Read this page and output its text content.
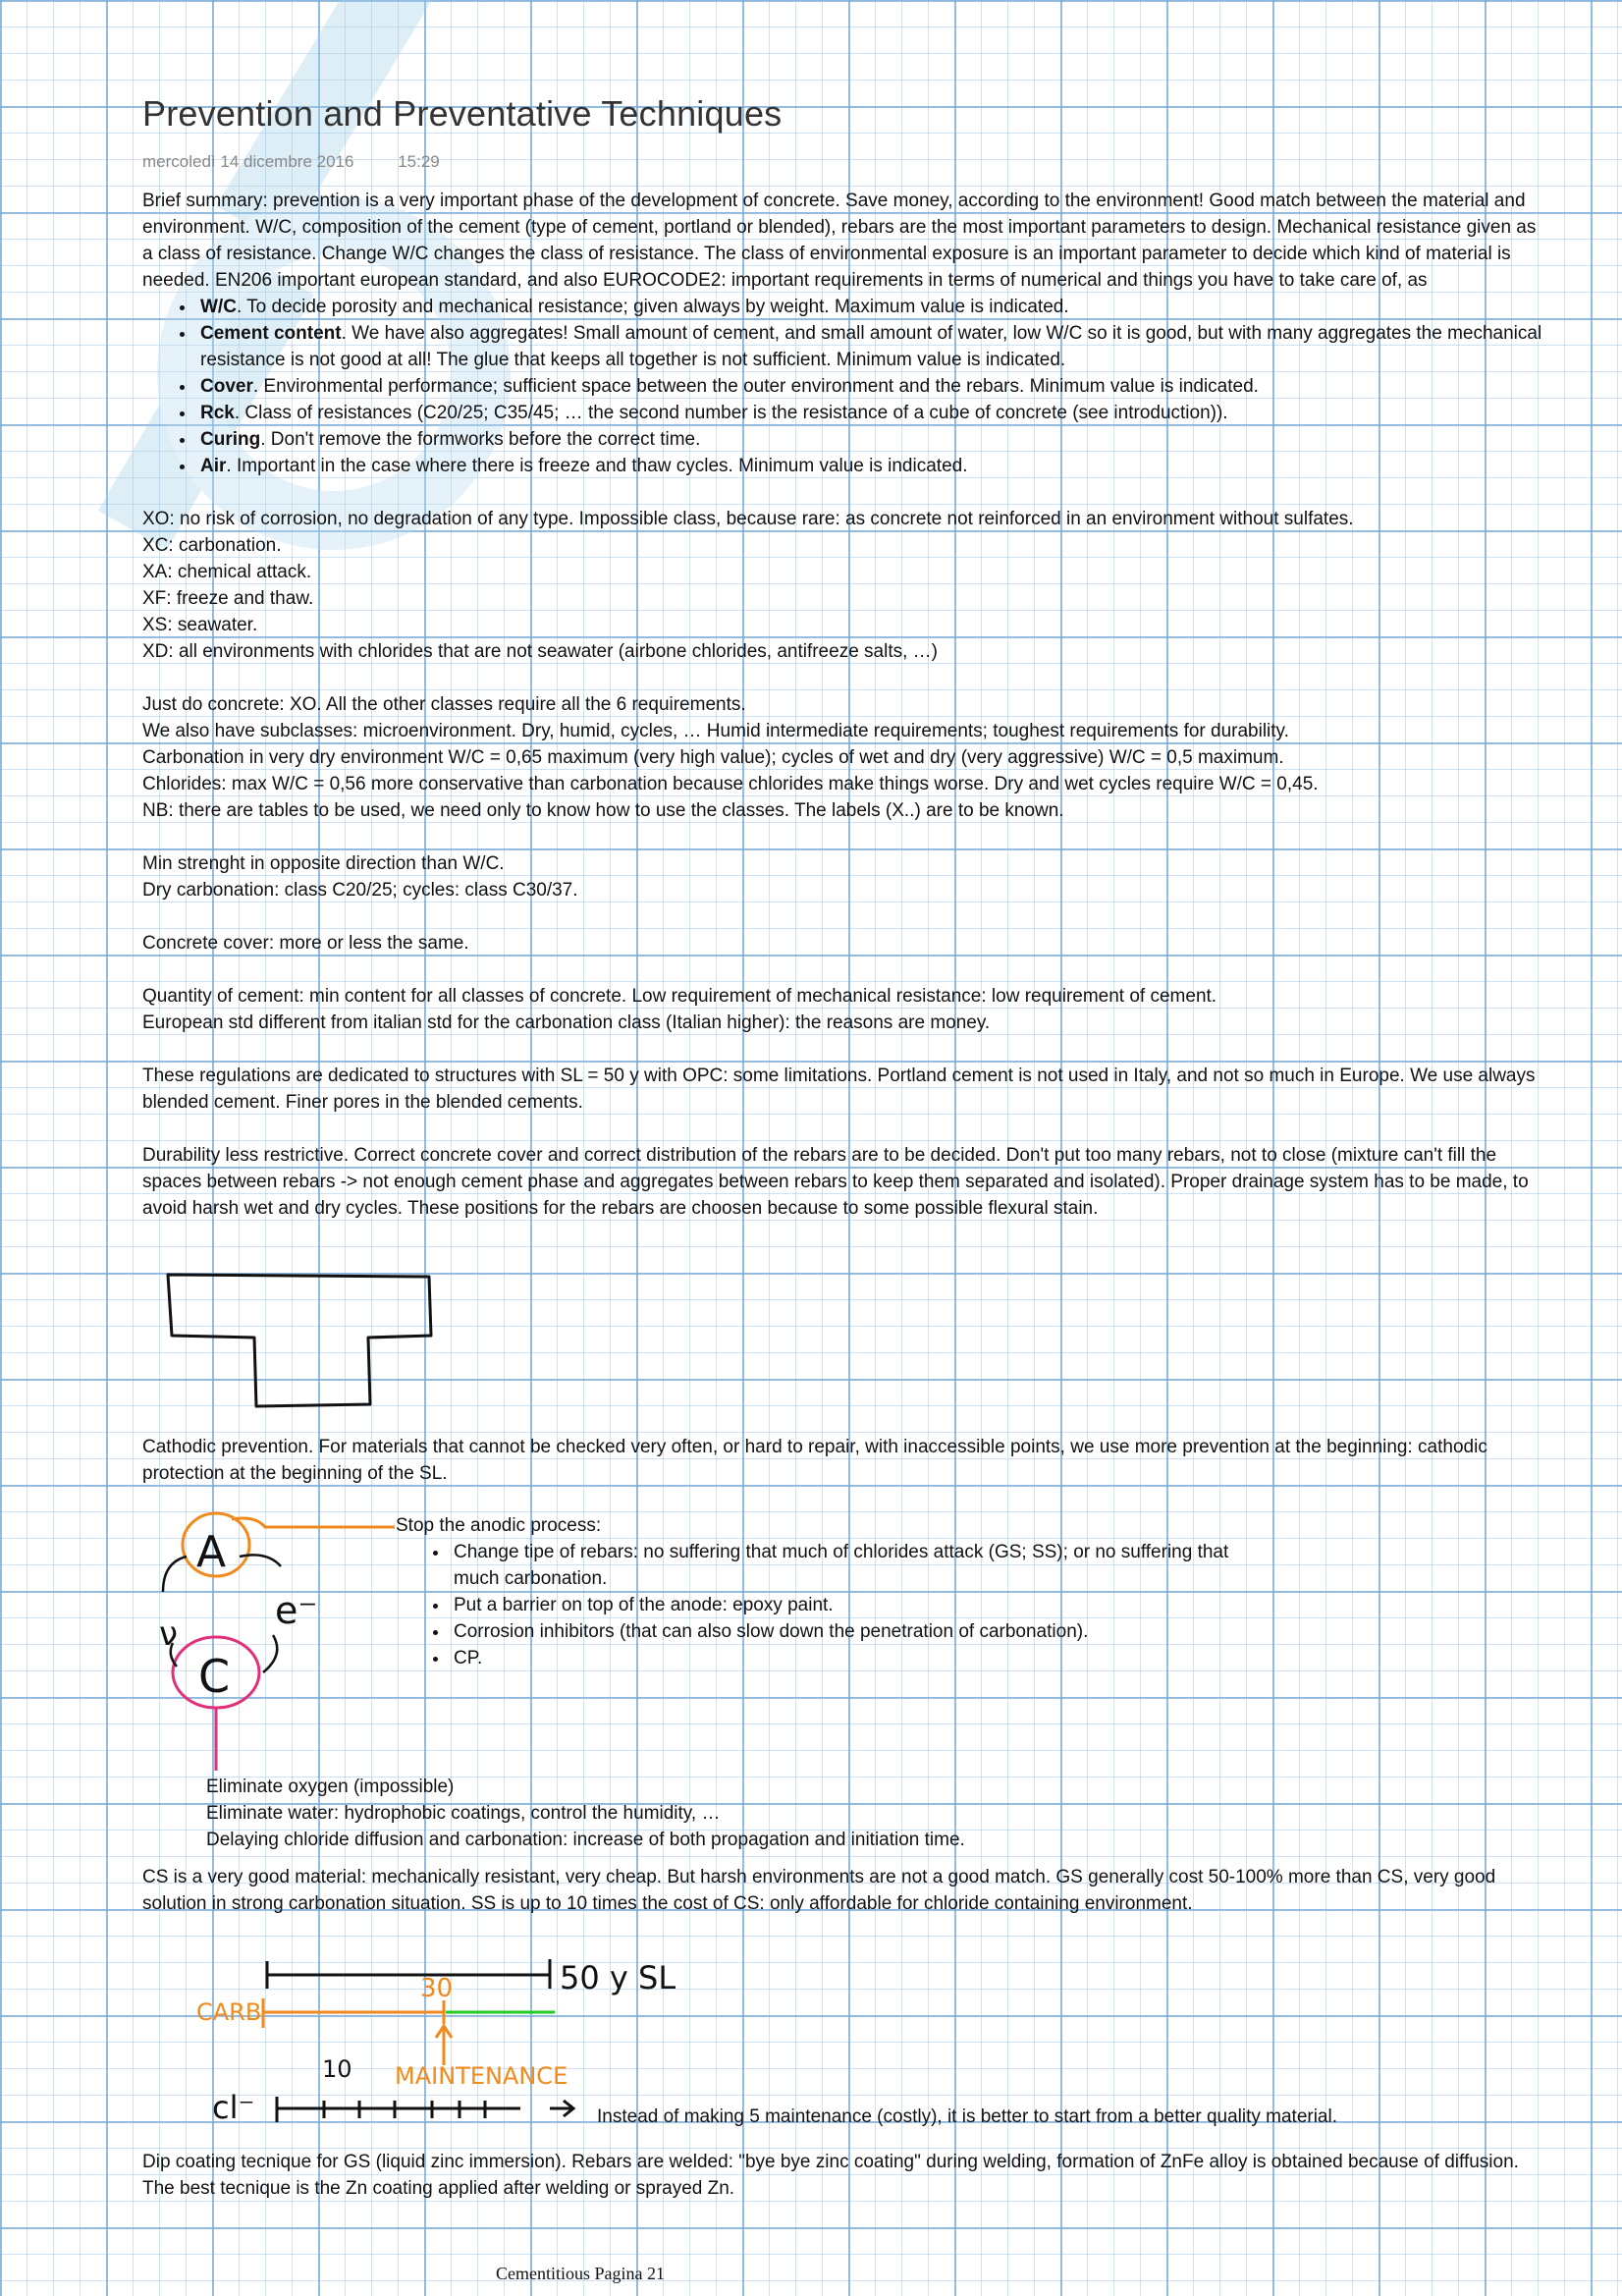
Prevention and Preventative Techniques
mercoledì 14 dicembre 2016	15:29

Brief summary: prevention is a very important phase of the development of concrete. Save money, according to the environment! Good match between the material and environment. W/C, composition of the cement (type of cement, portland or blended), rebars are the most important parameters to design. Mechanical resistance given as a class of resistance. Change W/C changes the class of resistance. The class of environmental exposure is an important parameter to decide which kind of material is needed. EN206 important european standard, and also EUROCODE2: important requirements in terms of numerical and things you have to take care of, as

• W/C. To decide porosity and mechanical resistance; given always by weight. Maximum value is indicated.
• Cement content. We have also aggregates! Small amount of cement, and small amount of water, low W/C so it is good, but with many aggregates the mechanical resistance is not good at all! The glue that keeps all together is not sufficient. Minimum value is indicated.
• Cover. Environmental performance; sufficient space between the outer environment and the rebars. Minimum value is indicated.
• Rck. Class of resistances (C20/25; C35/45; … the second number is the resistance of a cube of concrete (see introduction)).
• Curing. Don't remove the formworks before the correct time.
• Air. Important in the case where there is freeze and thaw cycles. Minimum value is indicated.

XO: no risk of corrosion, no degradation of any type. Impossible class, because rare: as concrete not reinforced in an environment without sulfates.

XC: carbonation.

XA: chemical attack.

XF: freeze and thaw.

XS: seawater.

XD: all environments with chlorides that are not seawater (airbone chlorides, antifreeze salts, …)

Just do concrete: XO. All the other classes require all the 6 requirements.

We also have subclasses: microenvironment. Dry, humid, cycles, … Humid intermediate requirements; toughest requirements for durability.

Carbonation in very dry environment W/C = 0,65 maximum (very high value); cycles of wet and dry (very aggressive) W/C = 0,5 maximum.

Chlorides: max W/C = 0,56 more conservative than carbonation because chlorides make things worse. Dry and wet cycles require W/C = 0,45.

NB: there are tables to be used, we need only to know how to use the classes. The labels (X..) are to be known.

Min strenght in opposite direction than W/C.

Dry carbonation: class C20/25; cycles: class C30/37.

Concrete cover: more or less the same.

Quantity of cement: min content for all classes of concrete. Low requirement of mechanical resistance: low requirement of cement.

European std different from italian std for the carbonation class (Italian higher): the reasons are money.

These regulations are dedicated to structures with SL = 50 y with OPC: some limitations. Portland cement is not used in Italy, and not so much in Europe. We use always blended cement. Finer pores in the blended cements.

Durability less restrictive. Correct concrete cover and correct distribution of the rebars are to be decided. Don't put too many rebars, not to close (mixture can't fill the spaces between rebars -> not enough cement phase and aggregates between rebars to keep them separated and isolated). Proper drainage system has to be made, to avoid harsh wet and dry cycles. These positions for the rebars are choosen because to some possible flexural stain.

Cathodic prevention. For materials that cannot be checked very often, or hard to repair, with inaccessible points, we use more prevention at the beginning: cathodic protection at the beginning of the SL.

A
ν
e⁻
C

Stop the anodic process:

• Change tipe of rebars: no suffering that much of chlorides attack (GS; SS); or no suffering that much carbonation.
• Put a barrier on top of the anode: epoxy paint.
• Corrosion inhibitors (that can also slow down the penetration of carbonation).
• CP.

Eliminate oxygen (impossible)

Eliminate water: hydrophobic coatings, control the humidity, …

Delaying chloride diffusion and carbonation: increase of both propagation and initiation time.

CS is a very good material: mechanically resistant, very cheap. But harsh environments are not a good match. GS generally cost 50-100% more than CS, very good solution in strong carbonation situation. SS is up to 10 times the cost of CS: only affordable for chloride containing environment.

50 y SL
CARB
30
MAINTENANCE
10
cl⁻	Instead of making 5 maintenance (costly), it is better to start from a better quality material.

Dip coating tecnique for GS (liquid zinc immersion). Rebars are welded: "bye bye zinc coating" during welding, formation of ZnFe alloy is obtained because of diffusion. The best tecnique is the Zn coating applied after welding or sprayed Zn.

Cementitious Pagina 21
